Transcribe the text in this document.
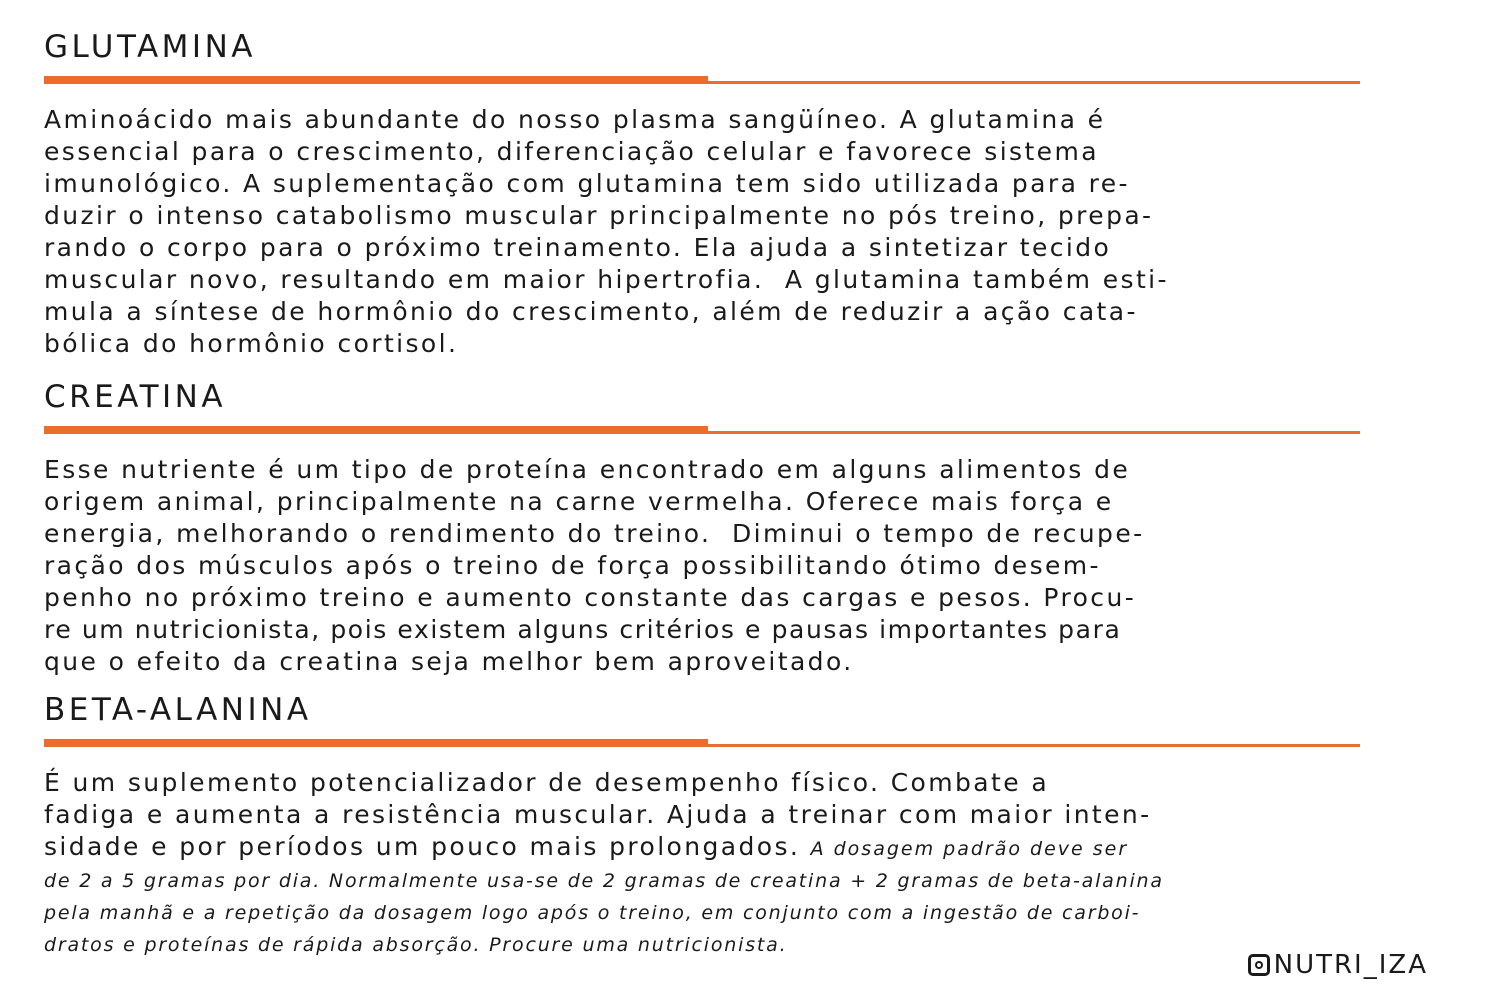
GLUTAMINA
Aminoácido mais abundante do nosso plasma sangüíneo. A glutamina é
essencial para o crescimento, diferenciação celular e favorece sistema
imunológico. A suplementação com glutamina tem sido utilizada para re-
duzir o intenso catabolismo muscular principalmente no pós treino, prepa-
rando o corpo para o próximo treinamento. Ela ajuda a sintetizar tecido
muscular novo, resultando em maior hipertrofia.  A glutamina também esti-
mula a síntese de hormônio do crescimento, além de reduzir a ação cata-
bólica do hormônio cortisol.
CREATINA
Esse nutriente é um tipo de proteína encontrado em alguns alimentos de
origem animal, principalmente na carne vermelha. Oferece mais força e
energia, melhorando o rendimento do treino.  Diminui o tempo de recupe-
ração dos músculos após o treino de força possibilitando ótimo desem-
penho no próximo treino e aumento constante das cargas e pesos. Procu-
re um nutricionista, pois existem alguns critérios e pausas importantes para
que o efeito da creatina seja melhor bem aproveitado.
BETA-ALANINA
É um suplemento potencializador de desempenho físico. Combate a
fadiga e aumenta a resistência muscular. Ajuda a treinar com maior inten-
sidade e por períodos um pouco mais prolongados. A dosagem padrão deve ser
de 2 a 5 gramas por dia. Normalmente usa-se de 2 gramas de creatina + 2 gramas de beta-alanina
pela manhã e a repetição da dosagem logo após o treino, em conjunto com a ingestão de carboi-
dratos e proteínas de rápida absorção. Procure uma nutricionista.
NUTRI_IZA
